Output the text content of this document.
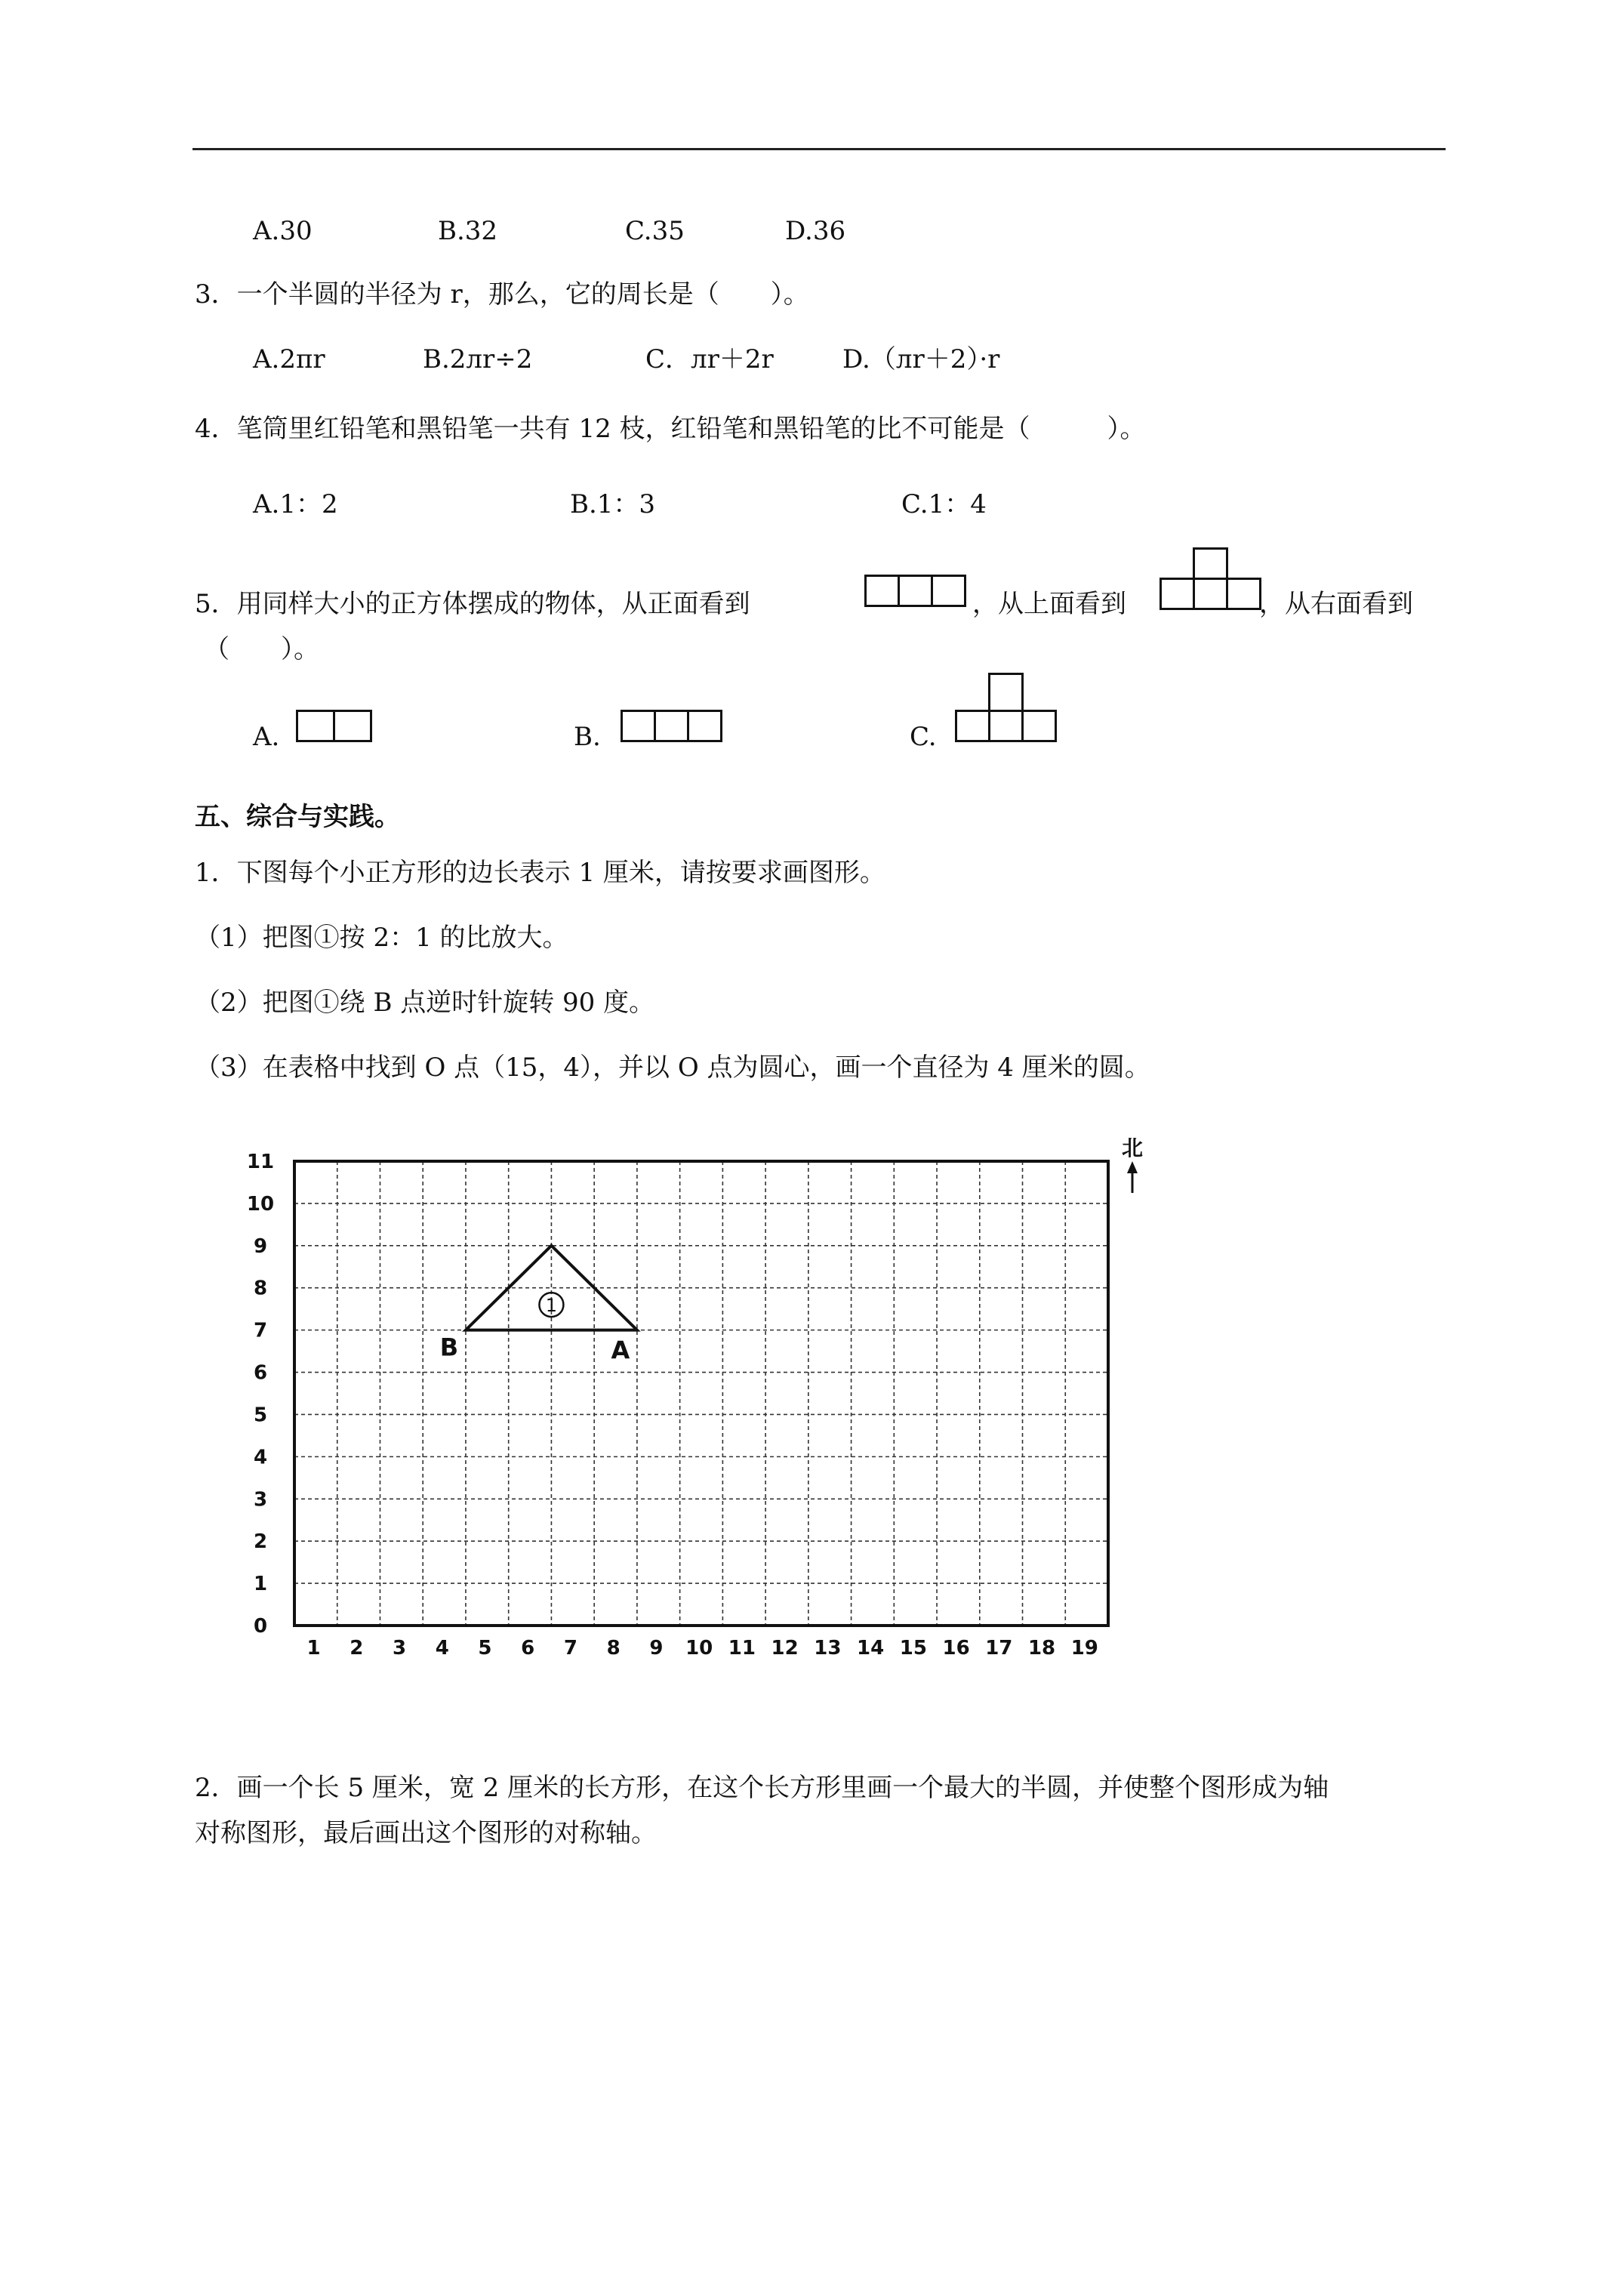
A.30	B.32	C.35	D.36
3．一个半圆的半径为 r，那么，它的周长是（　　）。
A.2πr	B.2лr÷2	C．лr＋2r	D.（лr＋2）·r
4．笔筒里红铅笔和黑铅笔一共有 12 枝，红铅笔和黑铅笔的比不可能是（　　　）。
A.1：2	B.1：3	C.1：4
5．用同样大小的正方体摆成的物体，从正面看到	，从上面看到	，从右面看到
（　　）。
A.	B.	C.
五、综合与实践。
1．下图每个小正方形的边长表示 1 厘米，请按要求画图形。
（1）把图①按 2：1 的比放大。
（2）把图①绕 B 点逆时针旋转 90 度。
（3）在表格中找到 O 点（15，4），并以 O 点为圆心，画一个直径为 4 厘米的圆。
1 2 3 4 5 6 7 8 9 10 11 12 13 14 15 16 17 18 19
0
1
2
3
4
5
6
7
8
9
10
11
1
B	A
北
2．画一个长 5 厘米，宽 2 厘米的长方形，在这个长方形里画一个最大的半圆，并使整个图形成为轴
对称图形，最后画出这个图形的对称轴。
